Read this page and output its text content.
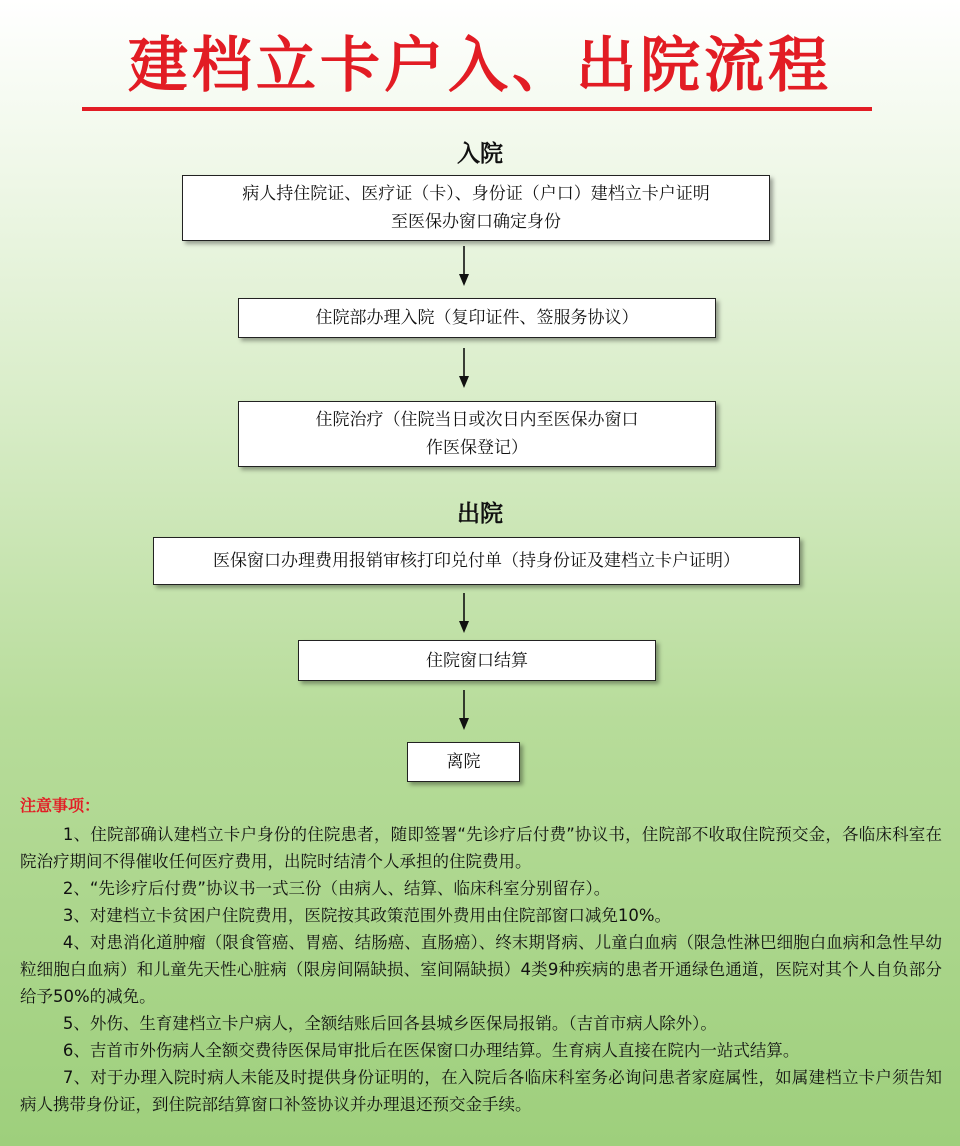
建档立卡户入、出院流程
入院
病人持住院证、医疗证（卡）、身份证（户口）建档立卡户证明
至医保办窗口确定身份
住院部办理入院（复印证件、签服务协议）
住院治疗（住院当日或次日内至医保办窗口
作医保登记）
出院
医保窗口办理费用报销审核打印兑付单（持身份证及建档立卡户证明）
住院窗口结算
离院
注意事项：
1、住院部确认建档立卡户身份的住院患者，随即签署“先诊疗后付费”协议书，住院部不收取住院预交金，各临床科室在院治疗期间不得催收任何医疗费用，出院时结清个人承担的住院费用。
2、“先诊疗后付费”协议书一式三份（由病人、结算、临床科室分别留存）。
3、对建档立卡贫困户住院费用，医院按其政策范围外费用由住院部窗口减免10%。
4、对患消化道肿瘤（限食管癌、胃癌、结肠癌、直肠癌）、终末期肾病、儿童白血病（限急性淋巴细胞白血病和急性早幼粒细胞白血病）和儿童先天性心脏病（限房间隔缺损、室间隔缺损）4类9种疾病的患者开通绿色通道，医院对其个人自负部分给予50%的减免。
5、外伤、生育建档立卡户病人，全额结账后回各县城乡医保局报销。（吉首市病人除外）。
6、吉首市外伤病人全额交费待医保局审批后在医保窗口办理结算。生育病人直接在院内一站式结算。
7、对于办理入院时病人未能及时提供身份证明的，在入院后各临床科室务必询问患者家庭属性，如属建档立卡户须告知病人携带身份证，到住院部结算窗口补签协议并办理退还预交金手续。
